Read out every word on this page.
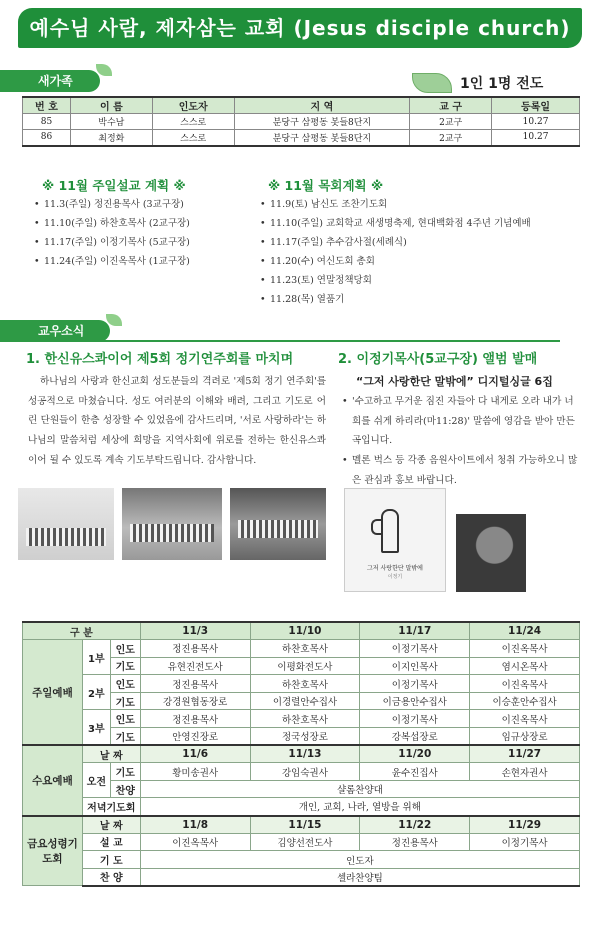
예수님 사람, 제자삼는 교회 (Jesus disciple church)
새가족	1인 1명 전도
번 호	이 름	인도자	지 역	교 구	등록일
85	박수남	스스로	분당구 삼평동 봇들8단지	2교구	10.27
86	최정화	스스로	분당구 삼평동 봇들8단지	2교구	10.27
※ 11월 주일설교 계획 ※
• 11.3(주일) 정진용목사 (3교구장)
• 11.10(주일) 하찬호목사 (2교구장)
• 11.17(주일) 이정기목사 (5교구장)
• 11.24(주일) 이진옥목사 (1교구장)
※ 11월 목회계획 ※
• 11.9(토) 남신도 조찬기도회
• 11.10(주일) 교회학교 새생명축제, 현대백화점 4주년 기념예배
• 11.17(주일) 추수감사절(세례식)
• 11.20(수) 여신도회 총회
• 11.23(토) 연말정책당회
• 11.28(목) 열품기
교우소식
1. 한신유스콰이어 제5회 정기연주회를 마치며
하나님의 사랑과 한신교회 성도분들의 격려로 '제5회 정기 연주회'를 성공적으로 마쳤습니다. 성도 여러분의 이해와 배려, 그리고 기도로 어린 단원들이 한층 성장할 수 있었음에 감사드리며, '서로 사랑하라'는 하나님의 말씀처럼 세상에 희망을 지역사회에 위로를 전하는 한신유스콰이어 될 수 있도록 계속 기도부탁드립니다. 감사합니다.
2. 이정기목사(5교구장) 앨범 발매
“그저 사랑한단 말밖에” 디지털싱글 6집
• '수고하고 무거운 짐진 자들아 다 내게로 오라 내가 너희를 쉬게 하리라(마11:28)' 말씀에 영감을 받아 만든 곡입니다.
• 멜론 벅스 등 각종 음원사이트에서 청취 가능하오니 많은 관심과 홍보 바랍니다.
그저 사랑한단 말밖에
이정기
구 분			11/3	11/10	11/17	11/24
주일예배	1부	인도	정진용목사	하찬호목사	이정기목사	이진옥목사
		기도	유현진전도사	이평화전도사	이지인목사	염시온목사
	2부	인도	정진용목사	하찬호목사	이정기목사	이진옥목사
		기도	강경원협동장로	이경렬안수집사	이금용안수집사	이승훈안수집사
	3부	인도	정진용목사	하찬호목사	이정기목사	이진옥목사
		기도	안영진장로	정국성장로	강복섭장로	임규상장로
수요예배	날 짜		11/6	11/13	11/20	11/27
	오전	기도	황미송권사	강임숙권사	윤수진집사	손현자권사
		찬양	샬롬찬양대			
	저녁기도회		개인, 교회, 나라, 열방을 위해			
금요성령기도회	날 짜		11/8	11/15	11/22	11/29
	설 교		이진옥목사	김양선전도사	정진용목사	이정기목사
	기 도		인도자			
	찬 양		셀라찬양팀			
